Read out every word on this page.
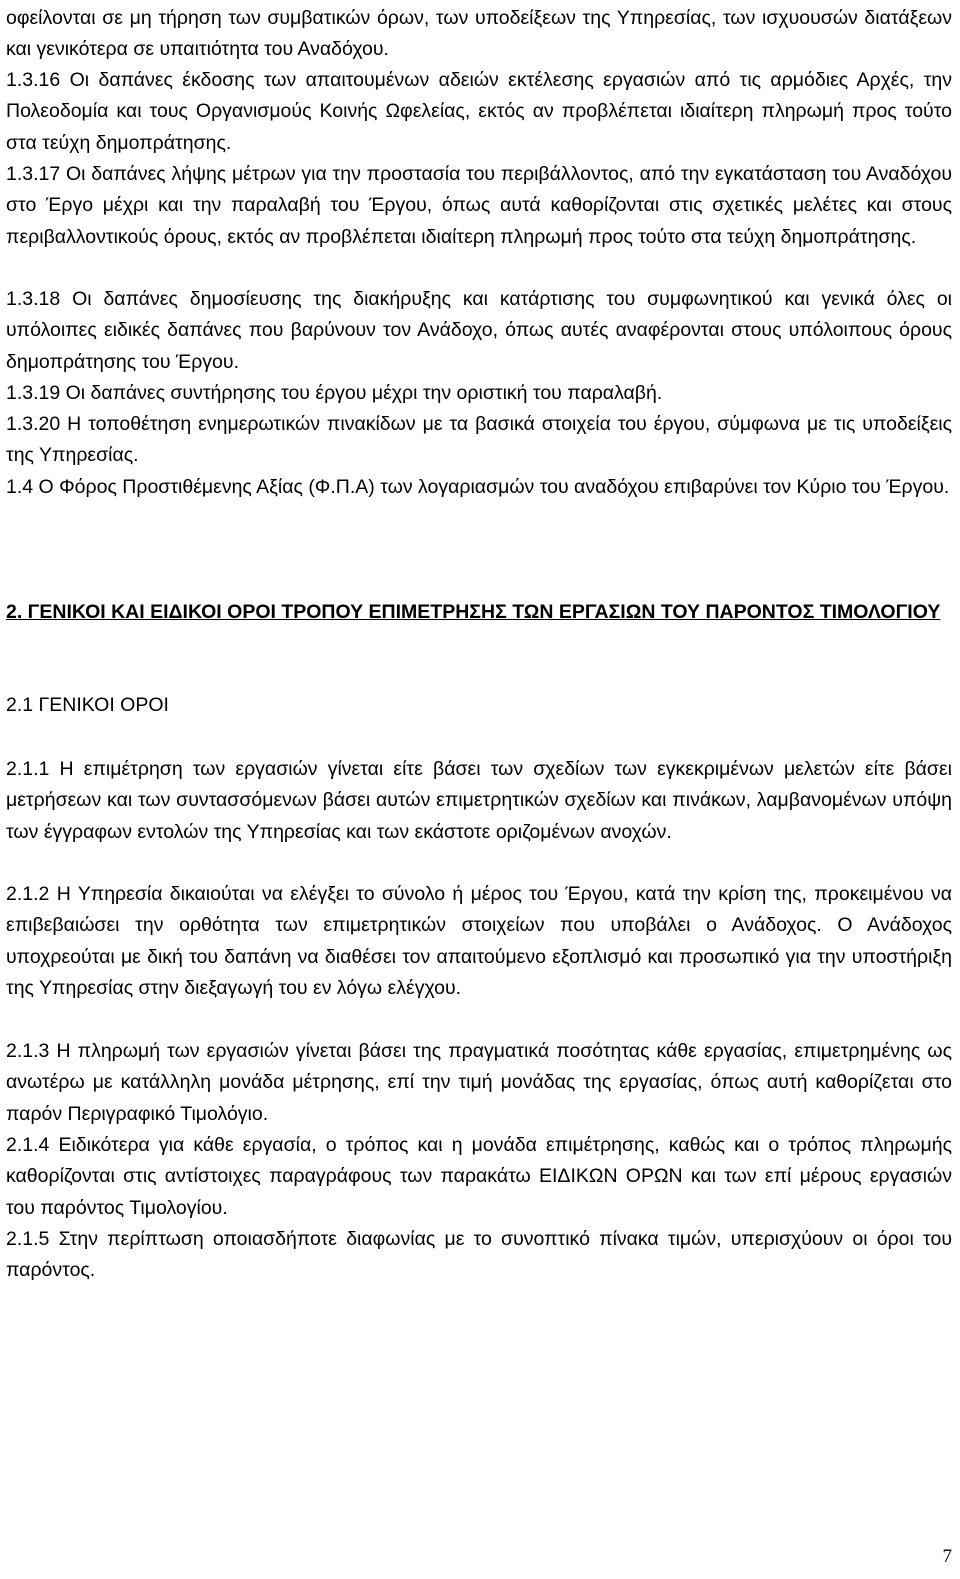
οφείλονται σε μη τήρηση των συμβατικών όρων, των υποδείξεων της Υπηρεσίας, των ισχυουσών διατάξεων και γενικότερα σε υπαιτιότητα του Αναδόχου.
1.3.16 Οι δαπάνες έκδοσης των απαιτουμένων αδειών εκτέλεσης εργασιών από τις αρμόδιες Αρχές, την Πολεοδομία και τους Οργανισμούς Κοινής Ωφελείας, εκτός αν προβλέπεται ιδιαίτερη πληρωμή προς τούτο στα τεύχη δημοπράτησης.
1.3.17 Οι δαπάνες λήψης μέτρων για την προστασία του περιβάλλοντος, από την εγκατάσταση του Αναδόχου στο Έργο μέχρι και την παραλαβή του Έργου, όπως αυτά καθορίζονται στις σχετικές μελέτες και στους περιβαλλοντικούς όρους, εκτός αν προβλέπεται ιδιαίτερη πληρωμή προς τούτο στα τεύχη δημοπράτησης.
1.3.18 Οι δαπάνες δημοσίευσης της διακήρυξης και κατάρτισης του συμφωνητικού και γενικά όλες οι υπόλοιπες ειδικές δαπάνες που βαρύνουν τον Ανάδοχο, όπως αυτές αναφέρονται στους υπόλοιπους όρους δημοπράτησης του Έργου.
1.3.19 Οι δαπάνες συντήρησης του έργου μέχρι την οριστική του παραλαβή.
1.3.20 Η τοποθέτηση ενημερωτικών πινακίδων με τα βασικά στοιχεία του έργου, σύμφωνα με τις υποδείξεις της Υπηρεσίας.
1.4 Ο Φόρος Προστιθέμενης Αξίας (Φ.Π.Α) των λογαριασμών του αναδόχου επιβαρύνει τον Κύριο του Έργου.
2. ΓΕΝΙΚΟΙ ΚΑΙ ΕΙΔΙΚΟΙ ΟΡΟΙ ΤΡΟΠΟΥ ΕΠΙΜΕΤΡΗΣΗΣ ΤΩΝ ΕΡΓΑΣΙΩΝ ΤΟΥ ΠΑΡΟΝΤΟΣ ΤΙΜΟΛΟΓΙΟΥ
2.1 ΓΕΝΙΚΟΙ ΟΡΟΙ
2.1.1 Η επιμέτρηση των εργασιών γίνεται είτε βάσει των σχεδίων των εγκεκριμένων μελετών είτε βάσει μετρήσεων και των συντασσόμενων βάσει αυτών επιμετρητικών σχεδίων και πινάκων, λαμβανομένων υπόψη των έγγραφων εντολών της Υπηρεσίας και των εκάστοτε οριζομένων ανοχών.
2.1.2 Η Υπηρεσία δικαιούται να ελέγξει το σύνολο ή μέρος του Έργου, κατά την κρίση της, προκειμένου να επιβεβαιώσει την ορθότητα των επιμετρητικών στοιχείων που υποβάλει ο Ανάδοχος. Ο Ανάδοχος υποχρεούται με δική του δαπάνη να διαθέσει τον απαιτούμενο εξοπλισμό και προσωπικό για την υποστήριξη της Υπηρεσίας στην διεξαγωγή του εν λόγω ελέγχου.
2.1.3 Η πληρωμή των εργασιών γίνεται βάσει της πραγματικά ποσότητας κάθε εργασίας, επιμετρημένης ως ανωτέρω με κατάλληλη μονάδα μέτρησης, επί την τιμή μονάδας της εργασίας, όπως αυτή καθορίζεται στο παρόν Περιγραφικό Τιμολόγιο.
2.1.4 Ειδικότερα για κάθε εργασία, ο τρόπος και η μονάδα επιμέτρησης, καθώς και ο τρόπος πληρωμής καθορίζονται στις αντίστοιχες παραγράφους των παρακάτω ΕΙΔΙΚΩΝ ΟΡΩΝ και των επί μέρους εργασιών του παρόντος Τιμολογίου.
2.1.5 Στην περίπτωση οποιασδήποτε διαφωνίας με το συνοπτικό πίνακα τιμών, υπερισχύουν οι όροι του παρόντος.
7
